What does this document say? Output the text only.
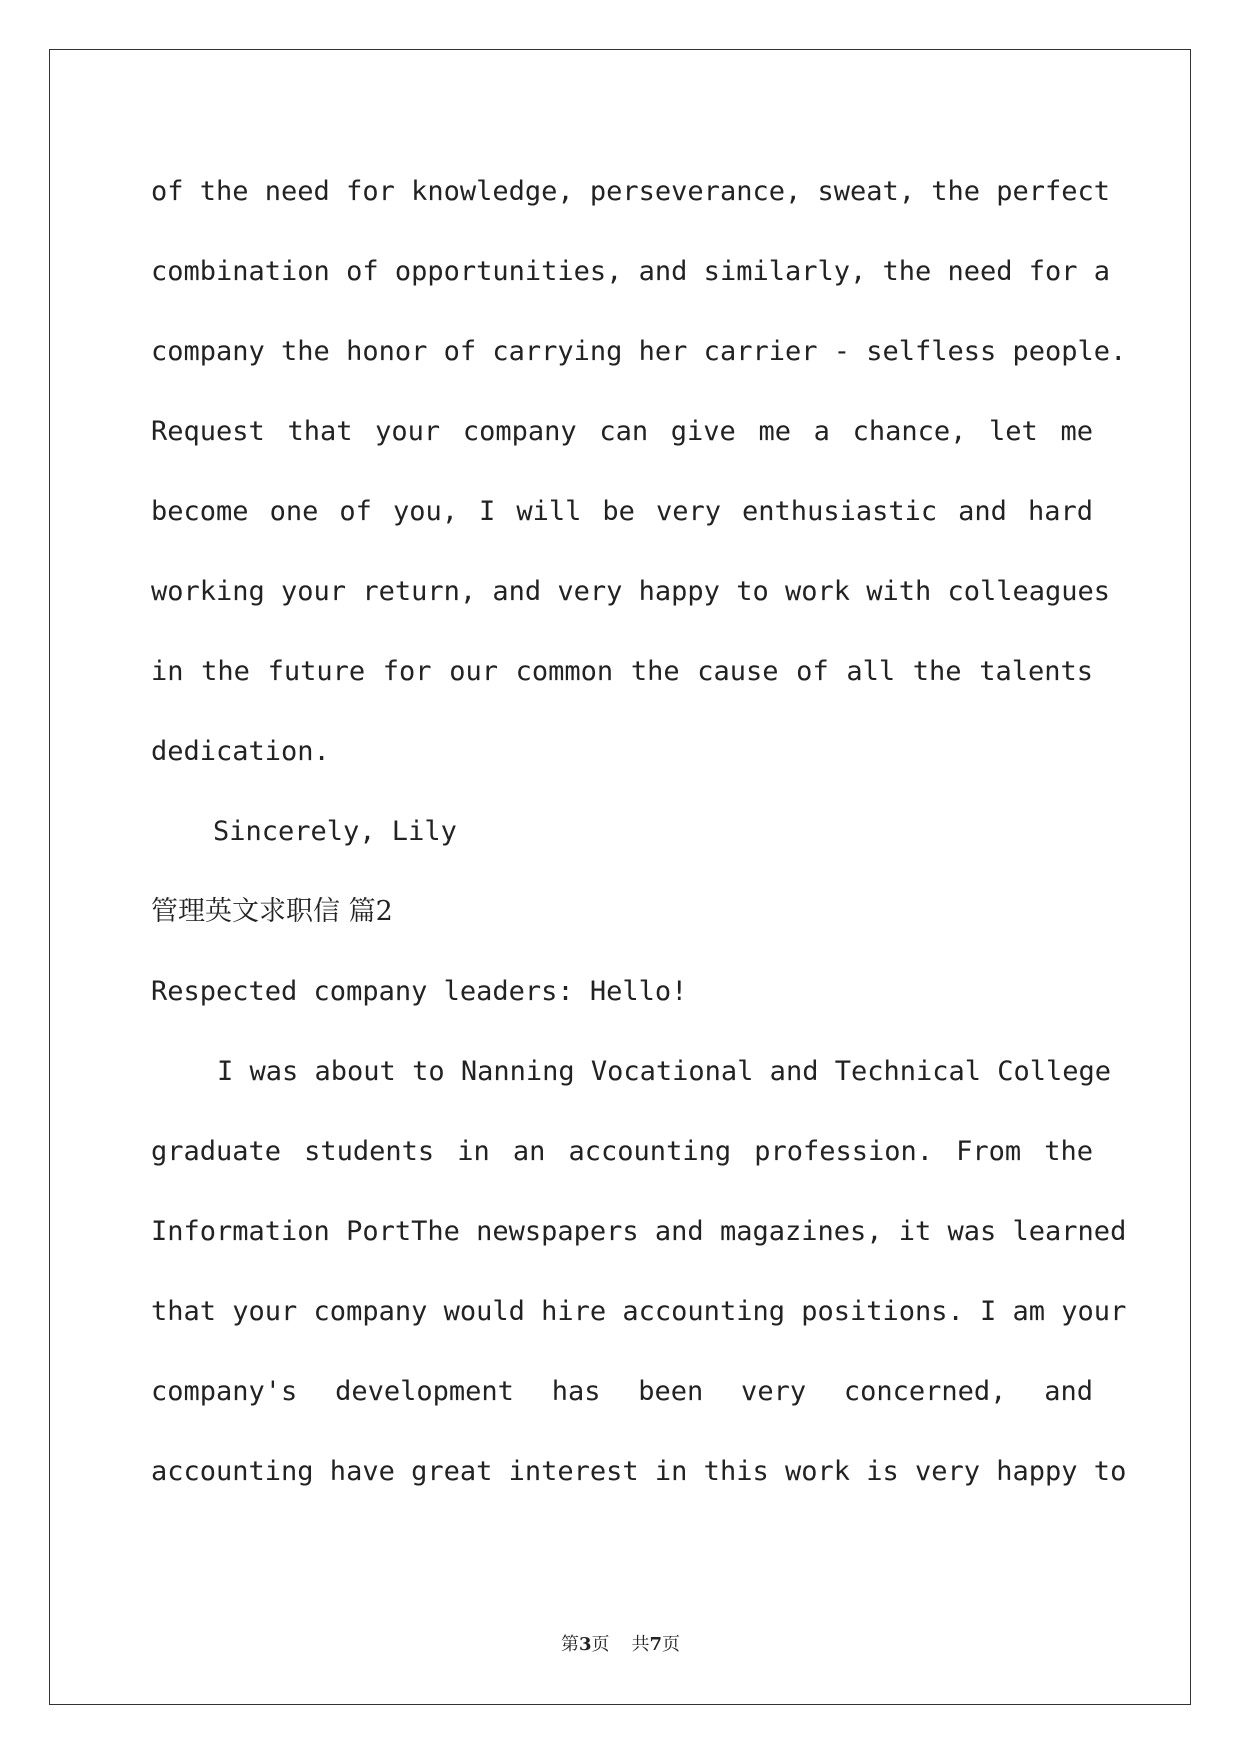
of the need for knowledge, perseverance, sweat, the perfect
combination of opportunities, and similarly, the need for a
company the honor of carrying her carrier - selfless people.
Request that your company can give me a chance, let me
become one of you, I will be very enthusiastic and hard
working your return, and very happy to work with colleagues
in the future for our common the cause of all the talents
dedication.
Sincerely, Lily
管理英文求职信 篇2
Respected company leaders: Hello!
I was about to Nanning Vocational and Technical College
graduate students in an accounting profession. From the
Information PortThe newspapers and magazines, it was learned
that your company would hire accounting positions. I am your
company's development has been very concerned, and
accounting have great interest in this work is very happy to
第3页 共7页
